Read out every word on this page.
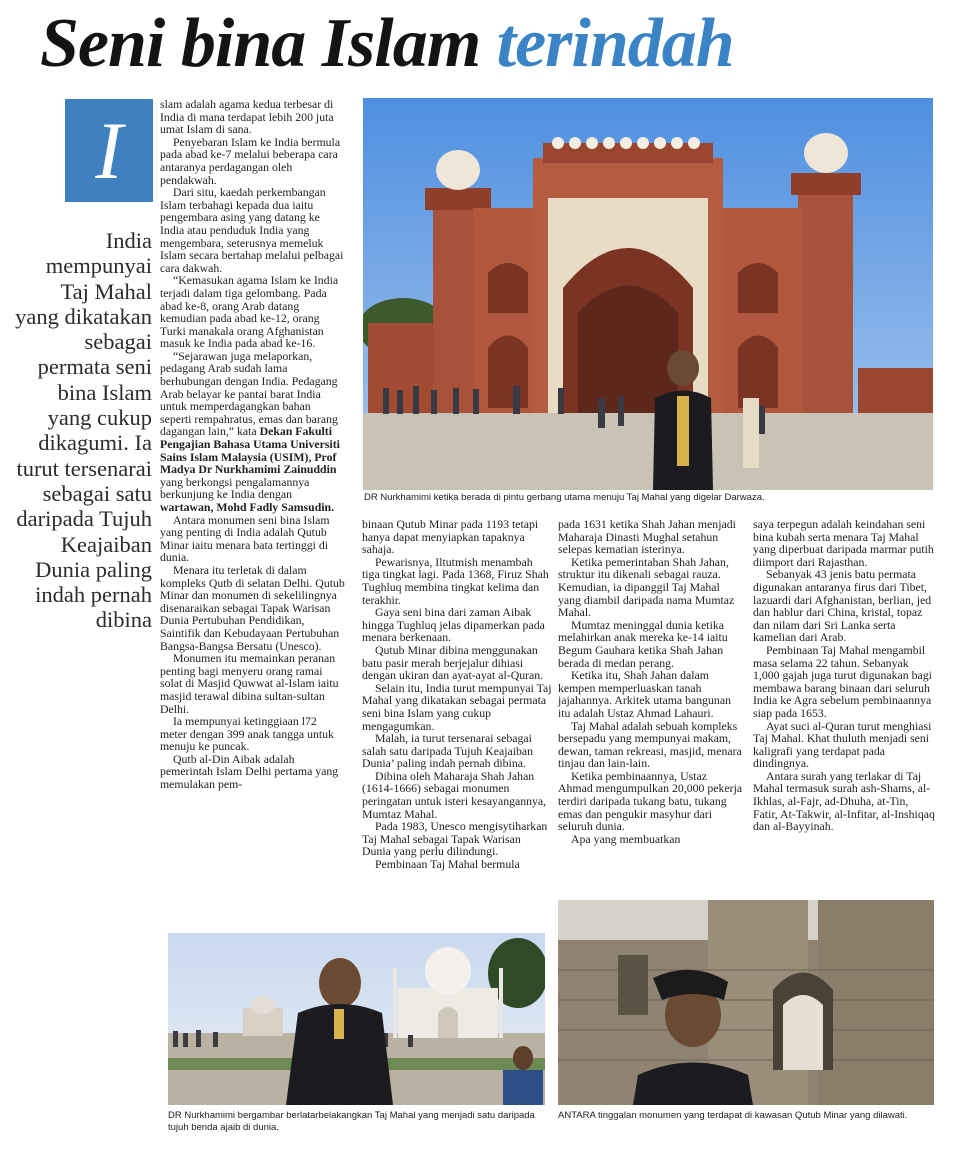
Seni bina Islam terindah
I
India mempunyai Taj Mahal yang dikatakan sebagai permata seni bina Islam yang cukup dikagumi. Ia turut tersenarai sebagai satu daripada Tujuh Keajaiban Dunia paling indah pernah dibina

slam adalah agama kedua terbesar di India di mana terdapat lebih 200 juta umat Islam di sana.

Penyebaran Islam ke India bermula pada abad ke-7 melalui beberapa cara antaranya perdagangan oleh pendakwah.

Dari situ, kaedah perkembangan Islam terbahagi kepada dua iaitu pengembara asing yang datang ke India atau penduduk India yang mengembara, seterusnya memeluk Islam secara bertahap melalui pelbagai cara dakwah.

“Kemasukan agama Islam ke India terjadi dalam tiga gelombang. Pada abad ke-8, orang Arab datang kemudian pada abad ke-12, orang Turki manakala orang Afghanistan masuk ke India pada abad ke-16.

“Sejarawan juga melaporkan, pedagang Arab sudah lama berhubungan dengan India. Pedagang Arab belayar ke pantai barat India untuk memperdagangkan bahan seperti rempahratus, emas dan barang dagangan lain,” kata Dekan Fakulti Pengajian Bahasa Utama Universiti Sains Islam Malaysia (USIM), Prof Madya Dr Nurkhamimi Zainuddin yang berkongsi pengalamannya berkunjung ke India dengan wartawan, Mohd Fadly Samsudin.

Antara monumen seni bina Islam yang penting di India adalah Qutub Minar iaitu menara bata tertinggi di dunia.

Menara itu terletak di dalam kompleks Qutb di selatan Delhi. Qutub Minar dan monumen di sekelilingnya disenaraikan sebagai Tapak Warisan Dunia Pertubuhan Pendidikan, Saintifik dan Kebudayaan Pertubuhan Bangsa-Bangsa Bersatu (Unesco).

Monumen itu memainkan peranan penting bagi menyeru orang ramai solat di Masjid Quwwat al-Islam iaitu masjid terawal dibina sultan-sultan Delhi.

Ia mempunyai ketinggiaan l72 meter dengan 399 anak tangga untuk menuju ke puncak.

Qutb al-Din Aibak adalah pemerintah Islam Delhi pertama yang memulakan pem-

DR Nurkhamimi ketika berada di pintu gerbang utama menuju Taj Mahal yang digelar Darwaza.

binaan Qutub Minar pada 1193 tetapi hanya dapat menyiapkan tapaknya sahaja.

Pewarisnya, Iltutmish menambah tiga tingkat lagi. Pada 1368, Firuz Shah Tughluq membina tingkat kelima dan terakhir.

Gaya seni bina dari zaman Aibak hingga Tughluq jelas dipamerkan pada menara berkenaan.

Qutub Minar dibina menggunakan batu pasir merah berjejalur dihiasi dengan ukiran dan ayat-ayat al-Quran.

Selain itu, India turut mempunyai Taj Mahal yang dikatakan sebagai permata seni bina Islam yang cukup mengagumkan.

Malah, ia turut tersenarai sebagai salah satu daripada Tujuh Keajaiban Dunia’ paling indah pernah dibina.

Dibina oleh Maharaja Shah Jahan (1614-1666) sebagai monumen peringatan untuk isteri kesayangannya, Mumtaz Mahal.

Pada 1983, Unesco mengisytiharkan Taj Mahal sebagai Tapak Warisan Dunia yang perlu dilindungi.

Pembinaan Taj Mahal bermula

pada 1631 ketika Shah Jahan menjadi Maharaja Dinasti Mughal setahun selepas kematian isterinya.

Ketika pemerintahan Shah Jahan, struktur itu dikenali sebagai rauza. Kemudian, ia dipanggil Taj Mahal yang diambil daripada nama Mumtaz Mahal.

Mumtaz meninggal dunia ketika melahirkan anak mereka ke-14 iaitu Begum Gauhara ketika Shah Jahan berada di medan perang.

Ketika itu, Shah Jahan dalam kempen memperluaskan tanah jajahannya. Arkitek utama bangunan itu adalah Ustaz Ahmad Lahauri.

Taj Mahal adalah sebuah kompleks bersepadu yang mempunyai makam, dewan, taman rekreasi, masjid, menara tinjau dan lain-lain.

Ketika pembinaannya, Ustaz Ahmad mengumpulkan 20,000 pekerja terdiri daripada tukang batu, tukang emas dan pengukir masyhur dari seluruh dunia.

Apa yang membuatkan

saya terpegun adalah keindahan seni bina kubah serta menara Taj Mahal yang diperbuat daripada marmar putih diimport dari Rajasthan.

Sebanyak 43 jenis batu permata digunakan antaranya firus dari Tibet, lazuardi dari Afghanistan, berlian, jed dan hablur dari China, kristal, topaz dan nilam dari Sri Lanka serta kamelian dari Arab.

Pembinaan Taj Mahal mengambil masa selama 22 tahun. Sebanyak 1,000 gajah juga turut digunakan bagi membawa barang binaan dari seluruh India ke Agra sebelum pembinaannya siap pada 1653.

Ayat suci al-Quran turut menghiasi Taj Mahal. Khat thuluth menjadi seni kaligrafi yang terdapat pada dindingnya.

Antara surah yang terlakar di Taj Mahal termasuk surah ash-Shams, al-Ikhlas, al-Fajr, ad-Dhuha, at-Tin, Fatir, At-Takwir, al-Infitar, al-Inshiqaq dan al-Bayyinah.

DR Nurkhamimi bergambar berlatarbelakangkan Taj Mahal yang menjadi satu daripada tujuh benda ajaib di dunia.
ANTARA tinggalan monumen yang terdapat di kawasan Qutub Minar yang dilawati.
